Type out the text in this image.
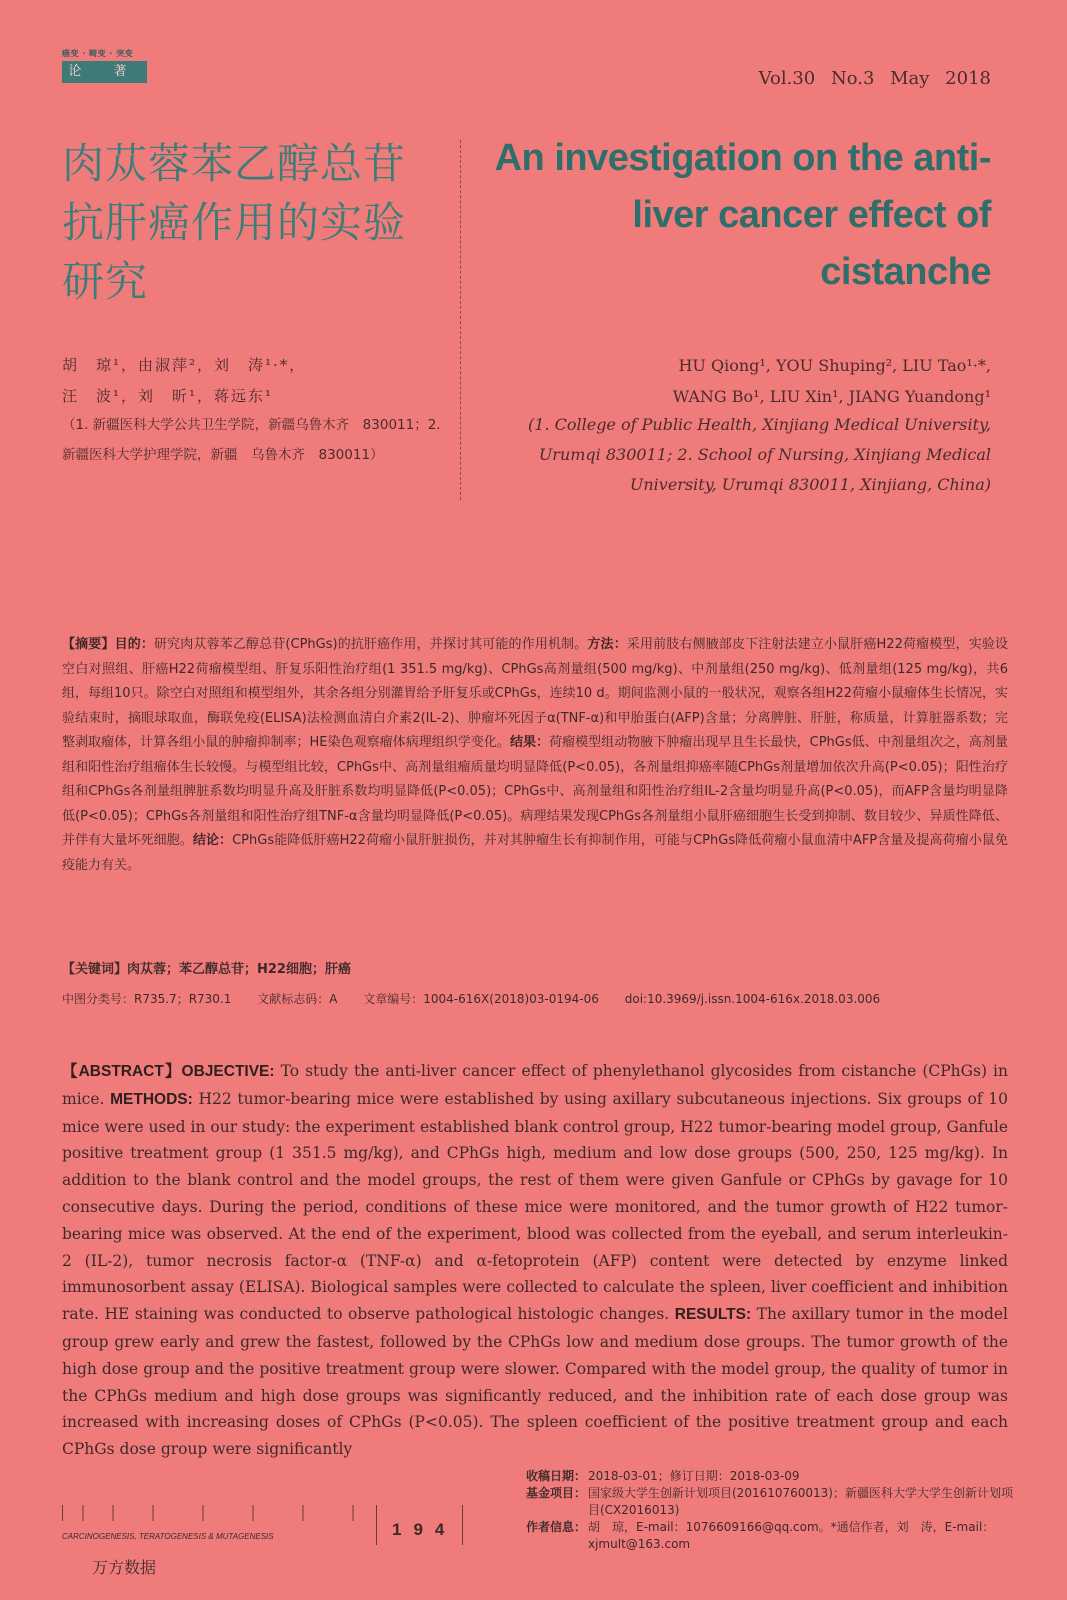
癌变 · 畸变 · 突变
论 著	Vol.30 No.3 May 2018
肉苁蓉苯乙醇总苷抗肝癌作用的实验研究
An investigation on the anti-liver cancer effect of cistanche
胡　琼¹，由淑萍²，刘　涛¹·*，
汪　波¹，刘　昕¹，蒋远东¹
（1. 新疆医科大学公共卫生学院，新疆乌鲁木齐　830011；2. 新疆医科大学护理学院，新疆　乌鲁木齐　830011）
HU Qiong¹, YOU Shuping², LIU Tao¹·*,
WANG Bo¹, LIU Xin¹, JIANG Yuandong¹
(1. College of Public Health, Xinjiang Medical University, Urumqi 830011; 2. School of Nursing, Xinjiang Medical University, Urumqi 830011, Xinjiang, China)
【摘要】目的：研究肉苁蓉苯乙醇总苷(CPhGs)的抗肝癌作用，并探讨其可能的作用机制。方法：采用前肢右侧腋部皮下注射法建立小鼠肝癌H22荷瘤模型，实验设空白对照组、肝癌H22荷瘤模型组、肝复乐阳性治疗组(1 351.5 mg/kg)、CPhGs高剂量组(500 mg/kg)、中剂量组(250 mg/kg)、低剂量组(125 mg/kg)，共6组，每组10只。除空白对照组和模型组外，其余各组分别灌胃给予肝复乐或CPhGs，连续10 d。期间监测小鼠的一般状况，观察各组H22荷瘤小鼠瘤体生长情况，实验结束时，摘眼球取血，酶联免疫(ELISA)法检测血清白介素2(IL-2)、肿瘤坏死因子α(TNF-α)和甲胎蛋白(AFP)含量；分离脾脏、肝脏，称质量，计算脏器系数；完整剥取瘤体，计算各组小鼠的肿瘤抑制率；HE染色观察瘤体病理组织学变化。结果：荷瘤模型组动物腋下肿瘤出现早且生长最快，CPhGs低、中剂量组次之，高剂量组和阳性治疗组瘤体生长较慢。与模型组比较，CPhGs中、高剂量组瘤质量均明显降低(P<0.05)，各剂量组抑癌率随CPhGs剂量增加依次升高(P<0.05)；阳性治疗组和CPhGs各剂量组脾脏系数均明显升高及肝脏系数均明显降低(P<0.05)；CPhGs中、高剂量组和阳性治疗组IL-2含量均明显升高(P<0.05)，而AFP含量均明显降低(P<0.05)；CPhGs各剂量组和阳性治疗组TNF-α含量均明显降低(P<0.05)。病理结果发现CPhGs各剂量组小鼠肝癌细胞生长受到抑制、数目较少、异质性降低、并伴有大量坏死细胞。结论：CPhGs能降低肝癌H22荷瘤小鼠肝脏损伤，并对其肿瘤生长有抑制作用，可能与CPhGs降低荷瘤小鼠血清中AFP含量及提高荷瘤小鼠免疫能力有关。
【关键词】肉苁蓉；苯乙醇总苷；H22细胞；肝癌
中图分类号：R735.7；R730.1 文献标志码：A 文章编号：1004-616X(2018)03-0194-06 doi:10.3969/j.issn.1004-616x.2018.03.006
【ABSTRACT】OBJECTIVE: To study the anti-liver cancer effect of phenylethanol glycosides from cistanche (CPhGs) in mice. METHODS: H22 tumor-bearing mice were established by using axillary subcutaneous injections. Six groups of 10 mice were used in our study: the experiment established blank control group, H22 tumor-bearing model group, Ganfule positive treatment group (1 351.5 mg/kg), and CPhGs high, medium and low dose groups (500, 250, 125 mg/kg). In addition to the blank control and the model groups, the rest of them were given Ganfule or CPhGs by gavage for 10 consecutive days. During the period, conditions of these mice were monitored, and the tumor growth of H22 tumor-bearing mice was observed. At the end of the experiment, blood was collected from the eyeball, and serum interleukin-2 (IL-2), tumor necrosis factor-α (TNF-α) and α-fetoprotein (AFP) content were detected by enzyme linked immunosorbent assay (ELISA). Biological samples were collected to calculate the spleen, liver coefficient and inhibition rate. HE staining was conducted to observe pathological histologic changes. RESULTS: The axillary tumor in the model group grew early and grew the fastest, followed by the CPhGs low and medium dose groups. The tumor growth of the high dose group and the positive treatment group were slower. Compared with the model group, the quality of tumor in the CPhGs medium and high dose groups was significantly reduced, and the inhibition rate of each dose group was increased with increasing doses of CPhGs (P<0.05). The spleen coefficient of the positive treatment group and each CPhGs dose group were significantly
收稿日期： 2018-03-01；修订日期：2018-03-09
基金项目： 国家级大学生创新计划项目(201610760013)；新疆医科大学大学生创新计划项目(CX2016013)
作者信息： 胡　琼，E-mail：1076609166@qq.com。*通信作者，刘　涛，E-mail：xjmult@163.com
CARCINOGENESIS, TERATOGENESIS & MUTAGENESIS	194
万方数据
